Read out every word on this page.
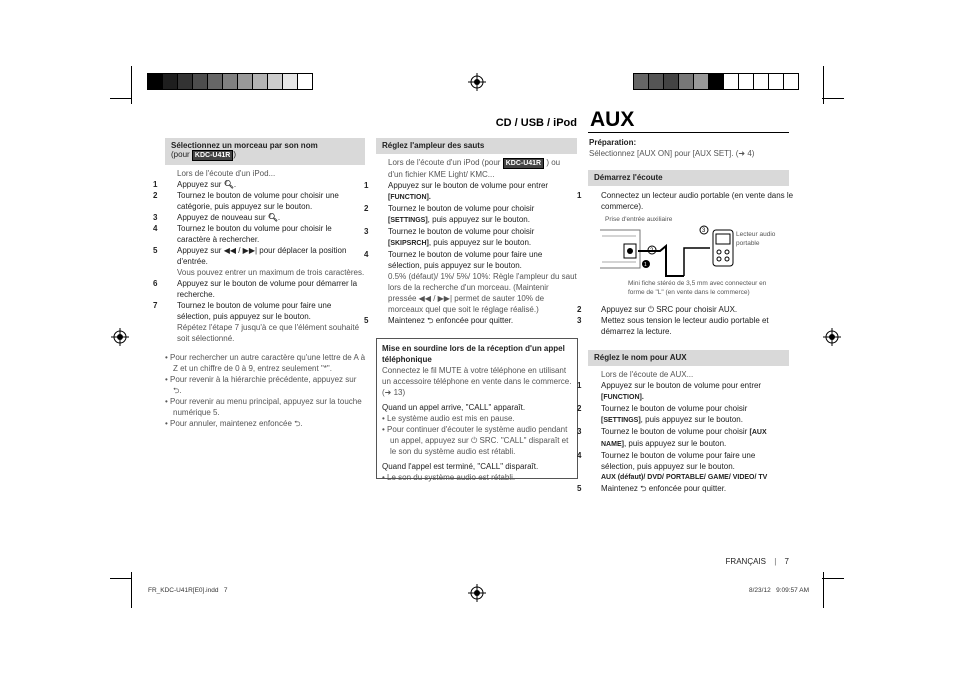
CD / USB / iPod AUX
Sélectionnez un morceau par son nom
(pour KDC-U41R )
Lors de l'écoute d'un iPod...
1 Appuyez sur 🔍︎.
2 Tournez le bouton de volume pour choisir une catégorie, puis appuyez sur le bouton.
3 Appuyez de nouveau sur 🔍︎.
4 Tournez le bouton du volume pour choisir le caractère à rechercher.
5 Appuyez sur ◀◀ / ▶▶| pour déplacer la position d'entrée.
Vous pouvez entrer un maximum de trois caractères.
6 Appuyez sur le bouton de volume pour démarrer la recherche.
7 Tournez le bouton de volume pour faire une sélection, puis appuyez sur le bouton.
Répétez l'étape 7 jusqu'à ce que l'élément souhaité soit sélectionné.
• Pour rechercher un autre caractère qu'une lettre de A à Z et un chiffre de 0 à 9, entrez seulement "*".
• Pour revenir à la hiérarchie précédente, appuyez sur ⮌.
• Pour revenir au menu principal, appuyez sur la touche numérique 5.
• Pour annuler, maintenez enfoncée ⮌.
Réglez l'ampleur des sauts
Lors de l'écoute d'un iPod (pour KDC-U41R ) ou
d'un fichier KME Light/ KMC...
1 Appuyez sur le bouton de volume pour entrer [FUNCTION].
2 Tournez le bouton de volume pour choisir [SETTINGS], puis appuyez sur le bouton.
3 Tournez le bouton de volume pour choisir [SKIPSRCH], puis appuyez sur le bouton.
4 Tournez le bouton de volume pour faire une sélection, puis appuyez sur le bouton.
0.5% (défaut)/ 1%/ 5%/ 10%: Règle l'ampleur du saut lors de la recherche d'un morceau. (Maintenir pressée ◀◀ / ▶▶| permet de sauter 10% de morceaux quel que soit le réglage réalisé.)
5 Maintenez ⮌ enfoncée pour quitter.
Mise en sourdine lors de la réception d'un appel téléphonique
Connectez le fil MUTE à votre téléphone en utilisant un accessoire téléphone en vente dans le commerce. (➜ 13)
Quand un appel arrive, "CALL" apparaît.
• Le système audio est mis en pause.
• Pour continuer d'écouter le système audio pendant un appel, appuyez sur ⏻ SRC. "CALL" disparaît et le son du système audio est rétabli.
Quand l'appel est terminé, "CALL" disparaît.
• Le son du système audio est rétabli.
Préparation:
Sélectionnez [AUX ON] pour [AUX SET]. (➜ 4)
Démarrez l'écoute
1 Connectez un lecteur audio portable (en vente dans le commerce).
Prise d'entrée auxiliaire
1
2
3	Lecteur audio portable
Mini fiche stéréo de 3,5 mm avec connecteur en forme de "L" (en vente dans le commerce)
2 Appuyez sur ⏻ SRC pour choisir AUX.
3 Mettez sous tension le lecteur audio portable et démarrez la lecture.
Réglez le nom pour AUX
Lors de l'écoute de AUX...
1 Appuyez sur le bouton de volume pour entrer [FUNCTION].
2 Tournez le bouton de volume pour choisir [SETTINGS], puis appuyez sur le bouton.
3 Tournez le bouton de volume pour choisir [AUX NAME], puis appuyez sur le bouton.
4 Tournez le bouton de volume pour faire une sélection, puis appuyez sur le bouton.
AUX (défaut)/ DVD/ PORTABLE/ GAME/ VIDEO/ TV
5 Maintenez ⮌ enfoncée pour quitter.
FRANÇAIS | 7
FR_KDC-U41R[E0].indd   7	8/23/12   9:09:57 AM
